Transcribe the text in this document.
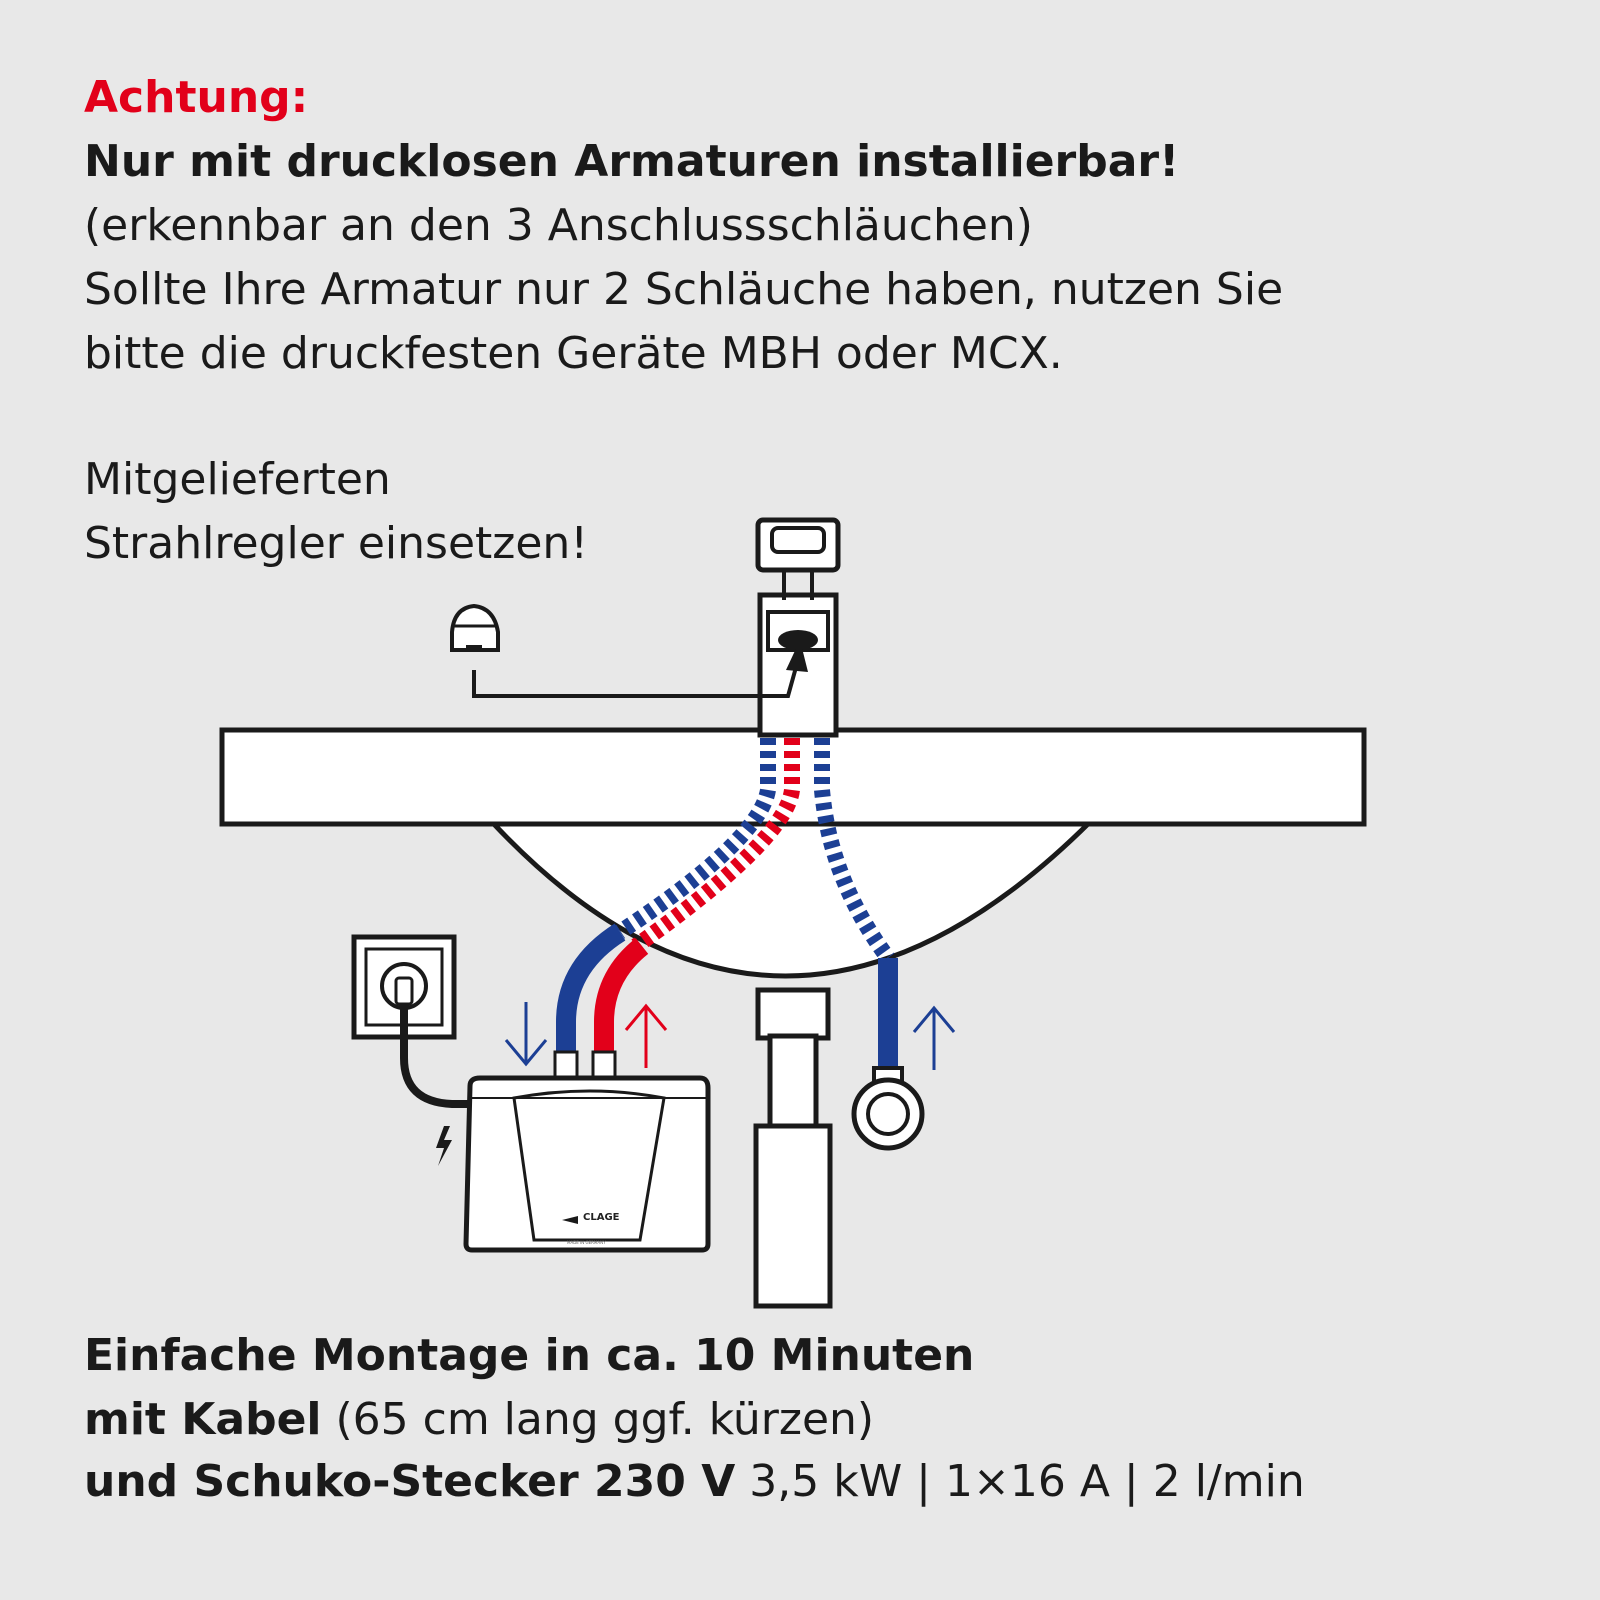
Achtung:

Nur mit drucklosen Armaturen installierbar!

(erkennbar an den 3 Anschlussschläuchen)

Sollte Ihre Armatur nur 2 Schläuche haben, nutzen Sie

bitte die druckfesten Geräte MBH oder MCX.

Mitgelieferten

Strahlregler einsetzen!

CLAGE
MADE IN GERMANY

Einfache Montage in ca. 10 Minuten

mit Kabel (65 cm lang ggf. kürzen)

und Schuko-Stecker 230 V 3,5 kW | 1×16 A | 2 l/min
